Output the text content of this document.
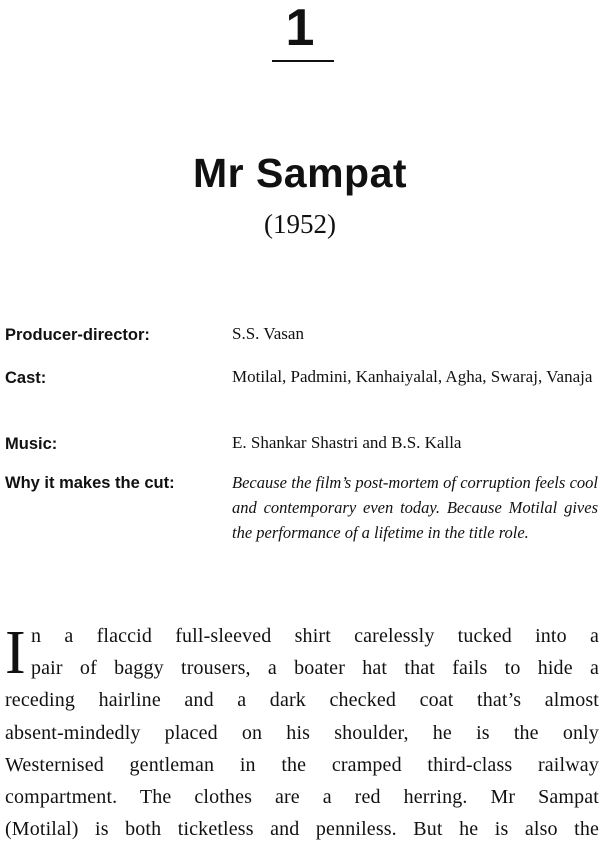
1
Mr Sampat
(1952)
Producer-director:	S.S. Vasan
Cast:	Motilal, Padmini, Kanhaiyalal, Agha, Swaraj, Vanaja
Music:	E. Shankar Shastri and B.S. Kalla
Why it makes the cut:	Because the film’s post-mortem of corruption feels cool and contemporary even today. Because Motilal gives the performance of a lifetime in the title role.
I n a flaccid full-sleeved shirt carelessly tucked into a
pair of baggy trousers, a boater hat that fails to hide a
receding hairline and a dark checked coat that’s almost
absent-mindedly placed on his shoulder, he is the only
Westernised gentleman in the cramped third-class railway
compartment. The clothes are a red herring. Mr Sampat
(Motilal) is both ticketless and penniless. But he is also the
